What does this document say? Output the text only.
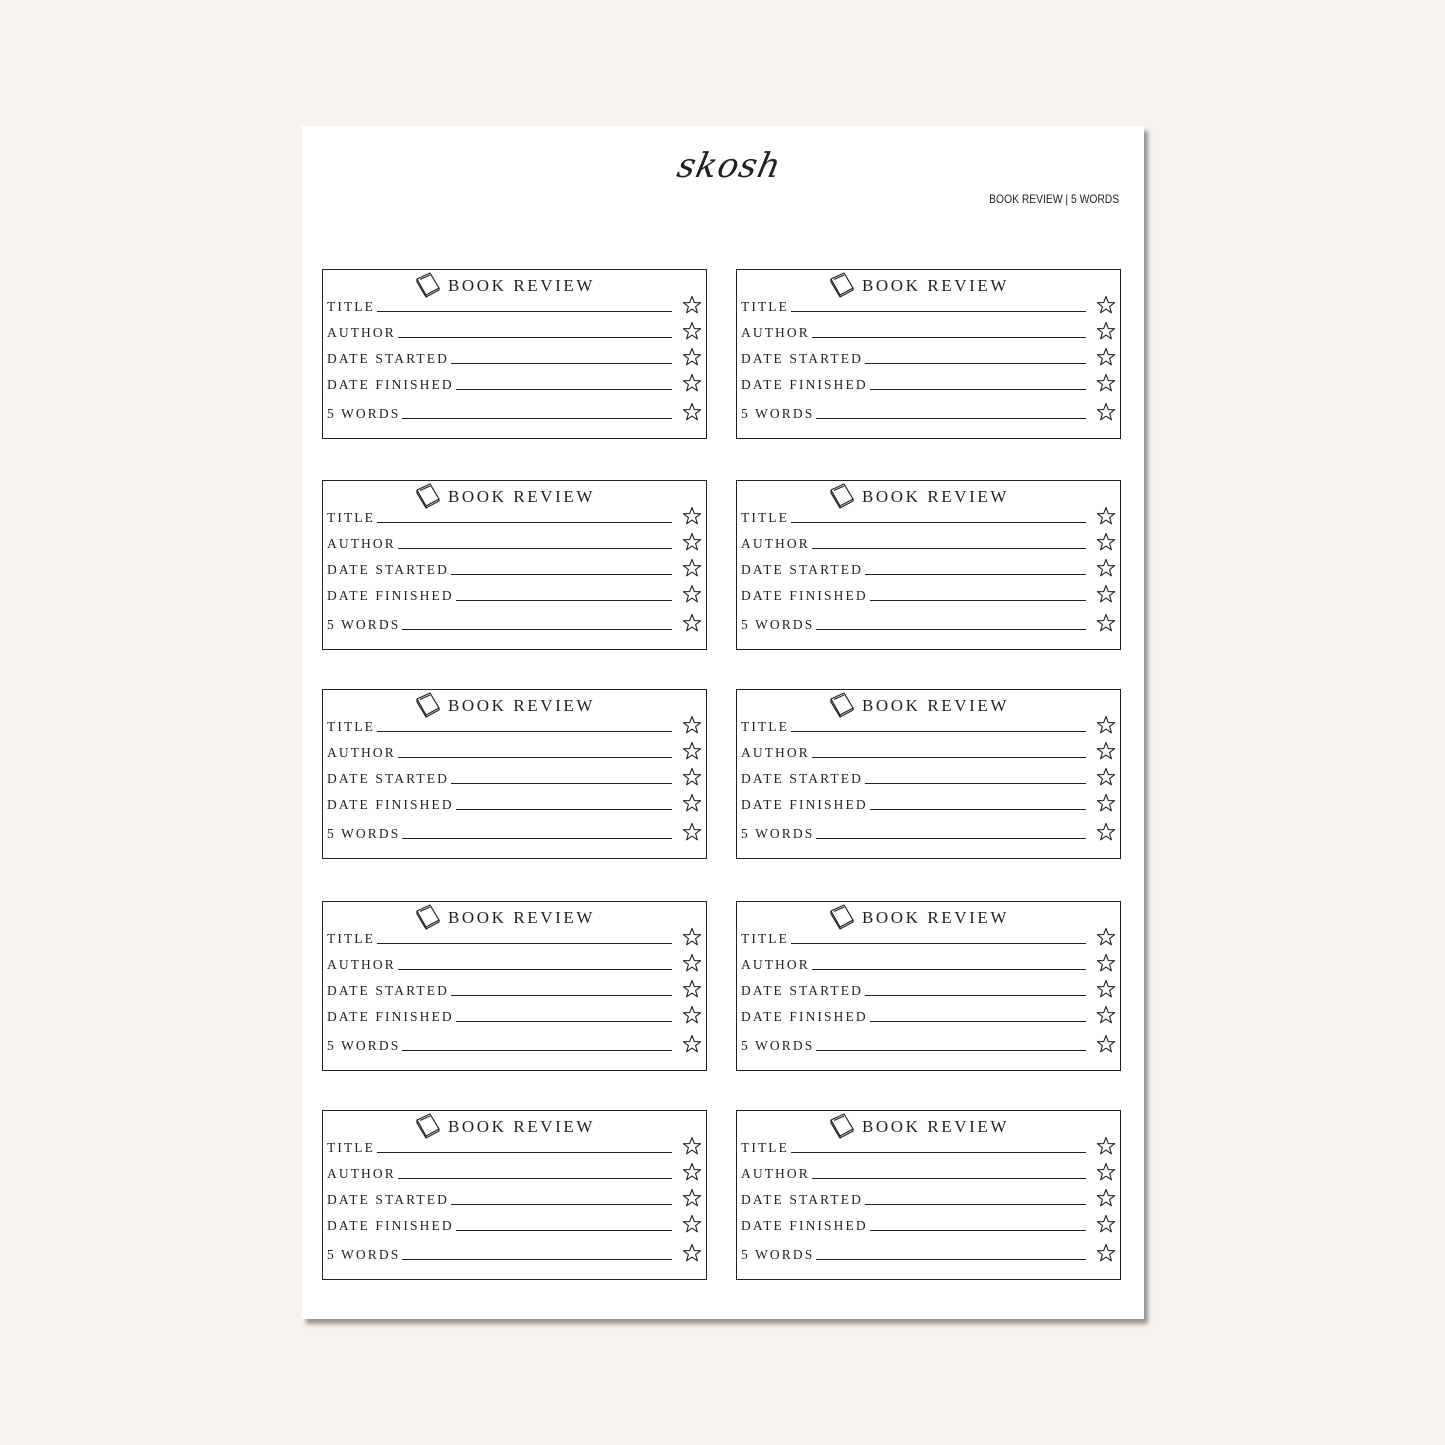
skosh
BOOK REVIEW | 5 WORDS
BOOK REVIEW
TITLE
AUTHOR
DATE STARTED
DATE FINISHED
5 WORDS
BOOK REVIEW
TITLE
AUTHOR
DATE STARTED
DATE FINISHED
5 WORDS
BOOK REVIEW
TITLE
AUTHOR
DATE STARTED
DATE FINISHED
5 WORDS
BOOK REVIEW
TITLE
AUTHOR
DATE STARTED
DATE FINISHED
5 WORDS
BOOK REVIEW
TITLE
AUTHOR
DATE STARTED
DATE FINISHED
5 WORDS
BOOK REVIEW
TITLE
AUTHOR
DATE STARTED
DATE FINISHED
5 WORDS
BOOK REVIEW
TITLE
AUTHOR
DATE STARTED
DATE FINISHED
5 WORDS
BOOK REVIEW
TITLE
AUTHOR
DATE STARTED
DATE FINISHED
5 WORDS
BOOK REVIEW
TITLE
AUTHOR
DATE STARTED
DATE FINISHED
5 WORDS
BOOK REVIEW
TITLE
AUTHOR
DATE STARTED
DATE FINISHED
5 WORDS
